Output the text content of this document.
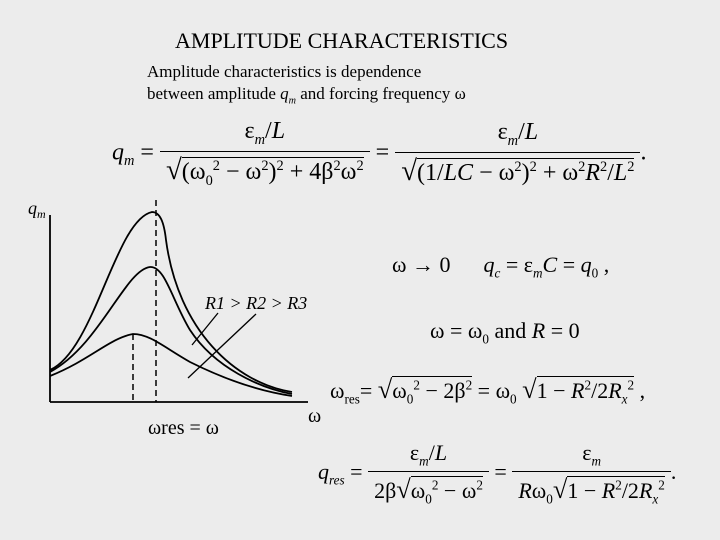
AMPLITUDE CHARACTERISTICS
Amplitude characteristics is dependence
between amplitude $q_m$ and forcing frequency ω
$q_m = \frac{\varepsilon_m/L}{√(\omega_0^2 - \omega^2)^2 + 4\beta^2\omega^2} = \frac{\varepsilon_m/L}{√(1/LC - \omega^2)^2 + \omega^2R^2/L^2}$ .
ω → 0      $q_c = \varepsilon_mC = q_0$ ,
$\omega = \omega_0$ and R = 0
$\omega_{res}= √\omega_0^2 - 2\beta^2 = \omega_0$ $√1 - R^2/2R_x^2$ ,
$q_{res} = \frac{\varepsilon_m/L}{2\beta√\omega_0^2 - \omega^2} = \frac{\varepsilon_m}{R\omega_0√1 - R^2/2R_x^2}$ .
$q_m$
ω
R1 > R2 > R3
ωres = ω
